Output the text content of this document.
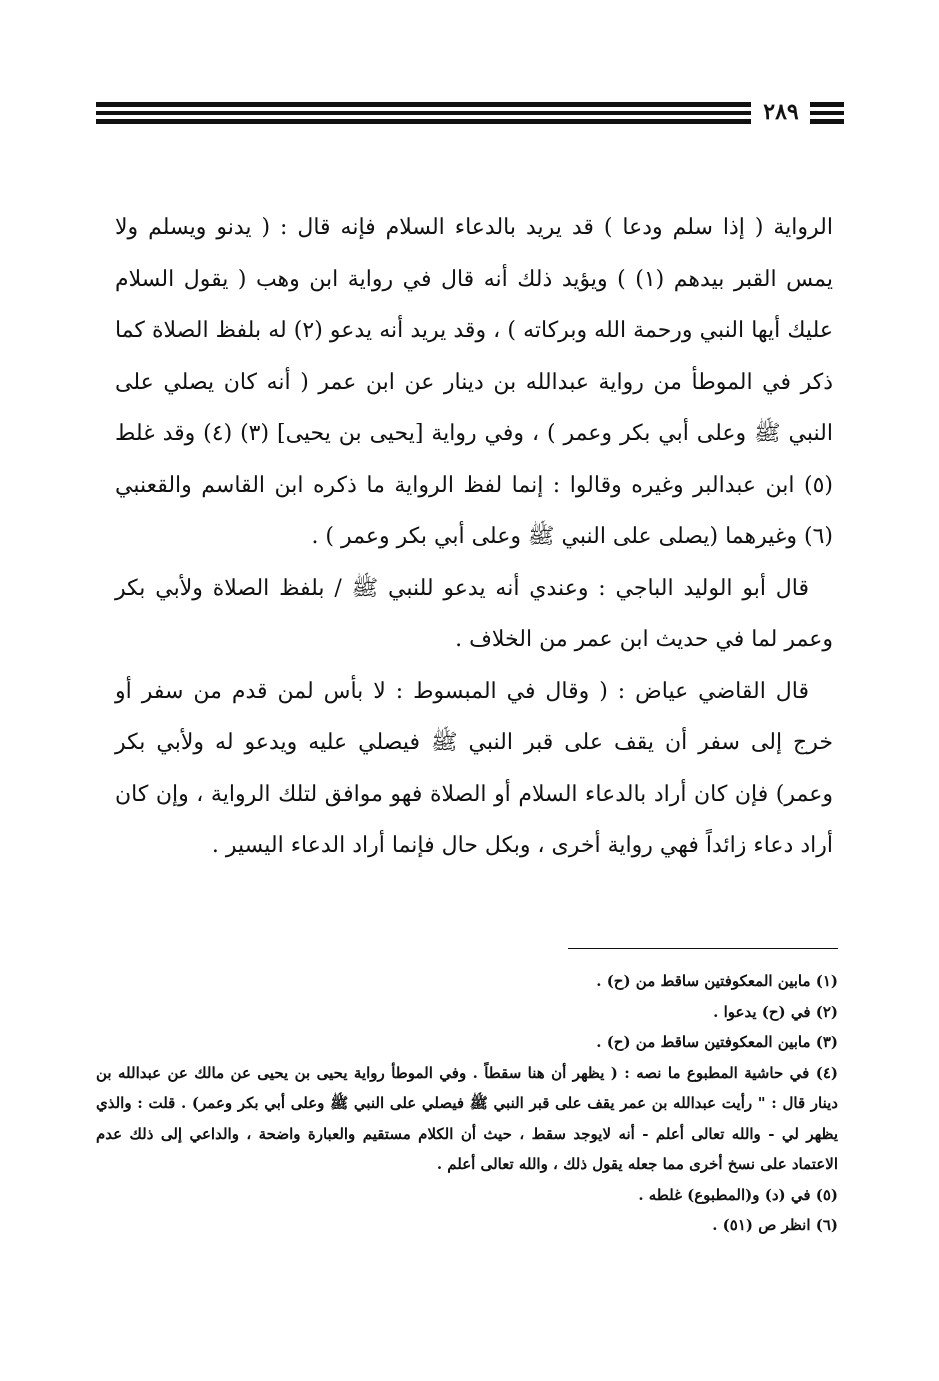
٢٨٩

الرواية ( إذا سلم ودعا ) قد يريد بالدعاء السلام فإنه قال : ( يدنو ويسلم ولا يمس القبر بيدهم (١) ) ويؤيد ذلك أنه قال في رواية ابن وهب ( يقول السلام عليك أيها النبي ورحمة الله وبركاته ) ، وقد يريد أنه يدعو (٢) له بلفظ الصلاة كما ذكر في الموطأ من رواية عبدالله بن دينار عن ابن عمر ( أنه كان يصلي على النبي ﷺ وعلى أبي بكر وعمر ) ، وفي رواية [يحيى بن يحيى] (٣) (٤) وقد غلط (٥) ابن عبدالبر وغيره وقالوا : إنما لفظ الرواية ما ذكره ابن القاسم والقعنبي (٦) وغيرهما (يصلى على النبي ﷺ وعلى أبي بكر وعمر ) .

قال أبو الوليد الباجي : وعندي أنه يدعو للنبي ﷺ / بلفظ الصلاة ولأبي بكر وعمر لما في حديث ابن عمر من الخلاف .

قال القاضي عياض : ( وقال في المبسوط : لا بأس لمن قدم من سفر أو خرج إلى سفر أن يقف على قبر النبي ﷺ فيصلي عليه ويدعو له ولأبي بكر وعمر) فإن كان أراد بالدعاء السلام أو الصلاة فهو موافق لتلك الرواية ، وإن كان أراد دعاء زائداً فهي رواية أخرى ، وبكل حال فإنما أراد الدعاء اليسير .

(١) مابين المعكوفتين ساقط من (ح) .

(٢) في (ح) يدعوا .

(٣) مابين المعكوفتين ساقط من (ح) .

(٤) في حاشية المطبوع ما نصه : ( يظهر أن هنا سقطاً . وفي الموطأ رواية يحيى بن يحيى عن مالك عن عبدالله بن دينار قال : " رأيت عبدالله بن عمر يقف على قبر النبي ﷺ فيصلي على النبي ﷺ وعلى أبي بكر وعمر) . قلت : والذي يظهر لي - والله تعالى أعلم - أنه لايوجد سقط ، حيث أن الكلام مستقيم والعبارة واضحة ، والداعي إلى ذلك عدم الاعتماد على نسخ أخرى مما جعله يقول ذلك ، والله تعالى أعلم .

(٥) في (د) و(المطبوع) غلطه .

(٦) انظر ص (٥١) .
